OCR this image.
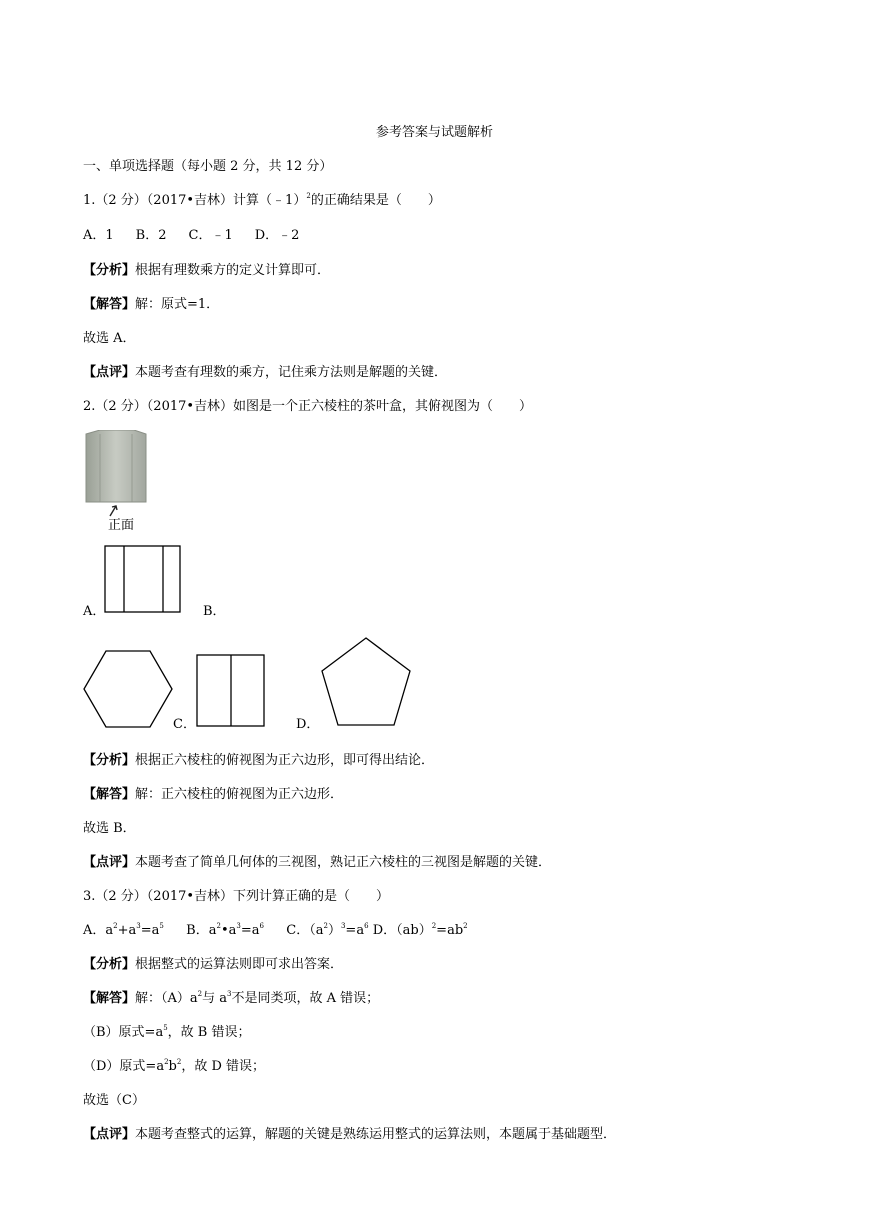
参考答案与试题解析
一、单项选择题（每小题 2 分，共 12 分）
1.（2 分）（2017•吉林）计算（﹣1）$^2$的正确结果是（　　）
A．1 B．2 C．﹣1 D．﹣2
【分析】根据有理数乘方的定义计算即可．
【解答】解：原式=1．
故选 A．
【点评】本题考查有理数的乘方，记住乘方法则是解题的关键．
2.（2 分）（2017•吉林）如图是一个正六棱柱的茶叶盒，其俯视图为（　　）
正面
A．	B．
C．	D．
【分析】根据正六棱柱的俯视图为正六边形，即可得出结论．
【解答】解：正六棱柱的俯视图为正六边形．
故选 B．
【点评】本题考查了简单几何体的三视图，熟记正六棱柱的三视图是解题的关键．
3.（2 分）（2017•吉林）下列计算正确的是（　　）
A．$a^2+a^3=a^5$ B．$a^2•a^3=a^6$ C．$(a^2)^3=a^6$ D．$(ab)^2=ab^2$
【分析】根据整式的运算法则即可求出答案．
【解答】解：$(A)a^2$与 $a^3$不是同类项，故 A 错误；
（B）原式$=a^5$，故 B 错误；
（D）原式$=a^2b^2$，故 D 错误；
故选（C）
【点评】本题考查整式的运算，解题的关键是熟练运用整式的运算法则，本题属于基础题型．
